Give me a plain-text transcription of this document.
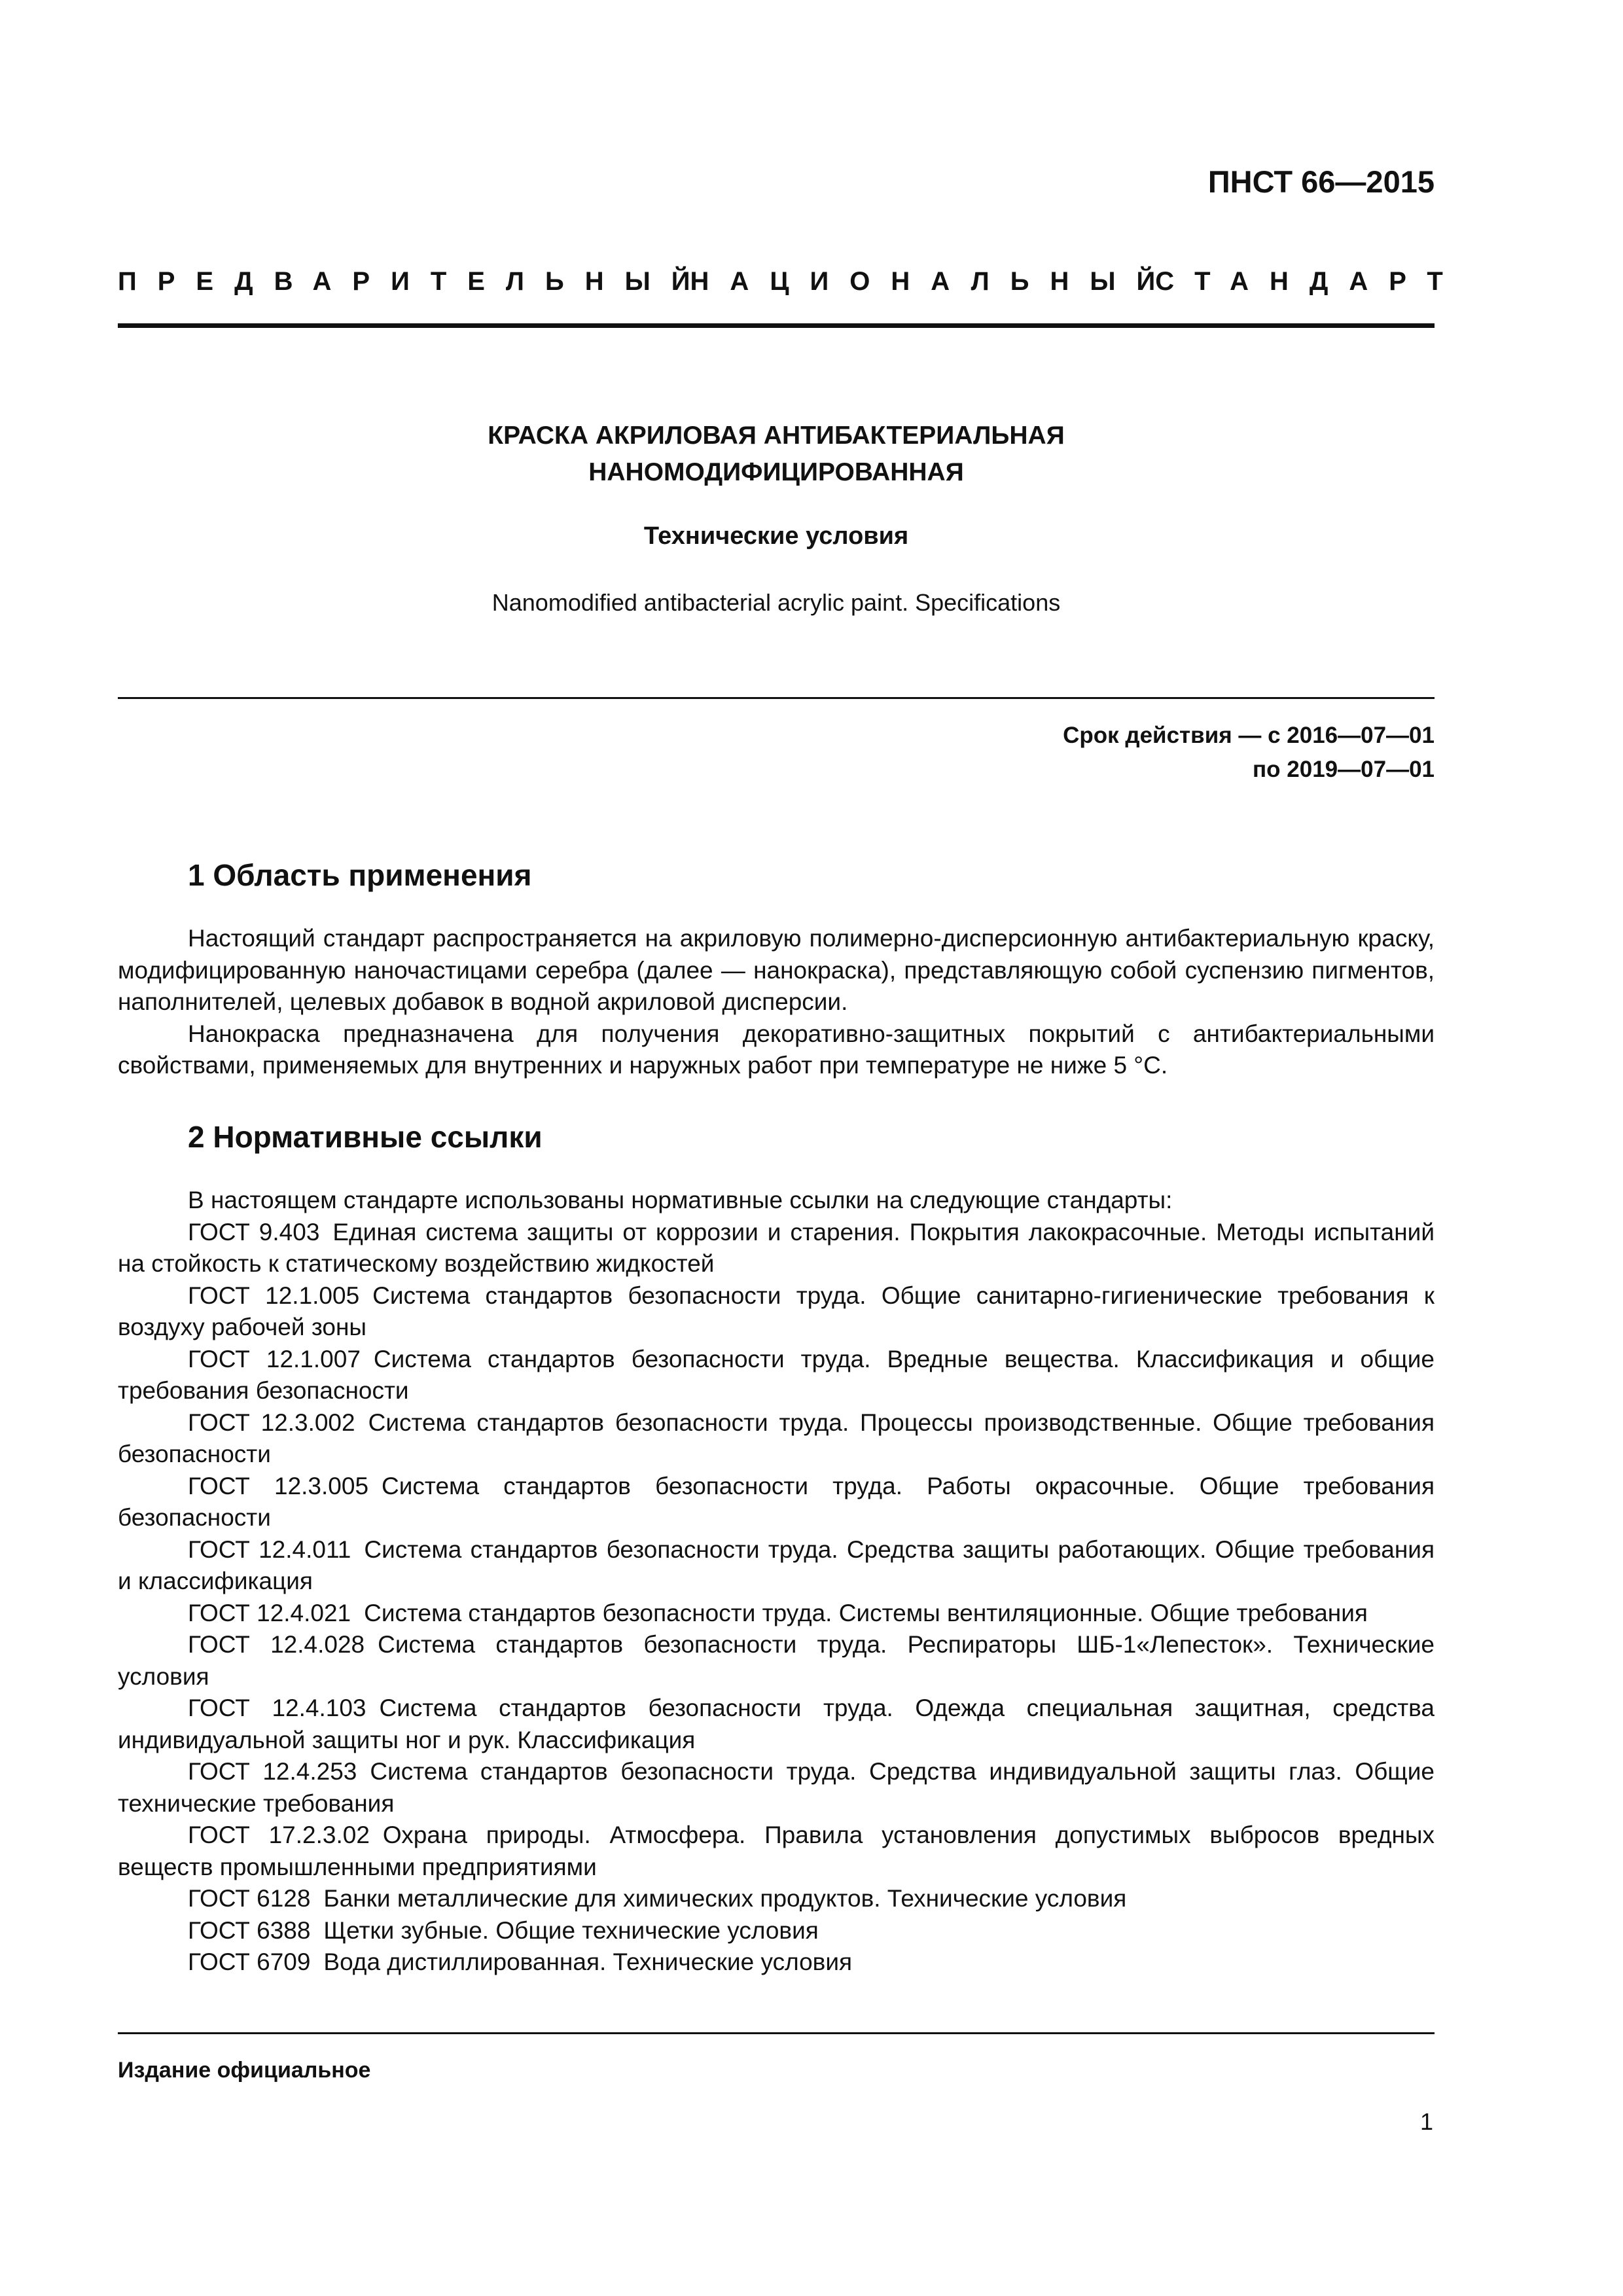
ПНСТ 66—2015
ПРЕДВАРИТЕЛЬНЫЙ
НАЦИОНАЛЬНЫЙ
СТАНДАРТ
КРАСКА АКРИЛОВАЯ АНТИБАКТЕРИАЛЬНАЯ
НАНОМОДИФИЦИРОВАННАЯ
Технические условия
Nanomodified antibacterial acrylic paint. Specifications
Срок действия — с 2016—07—01
по 2019—07—01
1 Область применения

Настоящий стандарт распространяется на акриловую полимерно-дисперсионную антибактериальную краску, модифицированную наночастицами серебра (далее — нанокраска), представляющую собой суспензию пигментов, наполнителей, целевых добавок в водной акриловой дисперсии.

Нанокраска предназначена для получения декоративно-защитных покрытий с антибактериальными свойствами, применяемых для внутренних и наружных работ при температуре не ниже 5 °C.

2 Нормативные ссылки
В настоящем стандарте использованы нормативные ссылки на следующие стандарты:
ГОСТ 9.403 Единая система защиты от коррозии и старения. Покрытия лакокрасочные. Методы испытаний на стойкость к статическому воздействию жидкостей
ГОСТ 12.1.005 Система стандартов безопасности труда. Общие санитарно-гигиенические требования к воздуху рабочей зоны
ГОСТ 12.1.007 Система стандартов безопасности труда. Вредные вещества. Классификация и общие требования безопасности
ГОСТ 12.3.002 Система стандартов безопасности труда. Процессы производственные. Общие требования безопасности
ГОСТ 12.3.005 Система стандартов безопасности труда. Работы окрасочные. Общие требования безопасности
ГОСТ 12.4.011 Система стандартов безопасности труда. Средства защиты работающих. Общие требования и классификация
ГОСТ 12.4.021 Система стандартов безопасности труда. Системы вентиляционные. Общие требования
ГОСТ 12.4.028 Система стандартов безопасности труда. Респираторы ШБ-1«Лепесток». Технические условия
ГОСТ 12.4.103 Система стандартов безопасности труда. Одежда специальная защитная, средства индивидуальной защиты ног и рук. Классификация
ГОСТ 12.4.253 Система стандартов безопасности труда. Средства индивидуальной защиты глаз. Общие технические требования
ГОСТ 17.2.3.02 Охрана природы. Атмосфера. Правила установления допустимых выбросов вредных веществ промышленными предприятиями
ГОСТ 6128 Банки металлические для химических продуктов. Технические условия
ГОСТ 6388 Щетки зубные. Общие технические условия
ГОСТ 6709 Вода дистиллированная. Технические условия
Издание официальное
1
